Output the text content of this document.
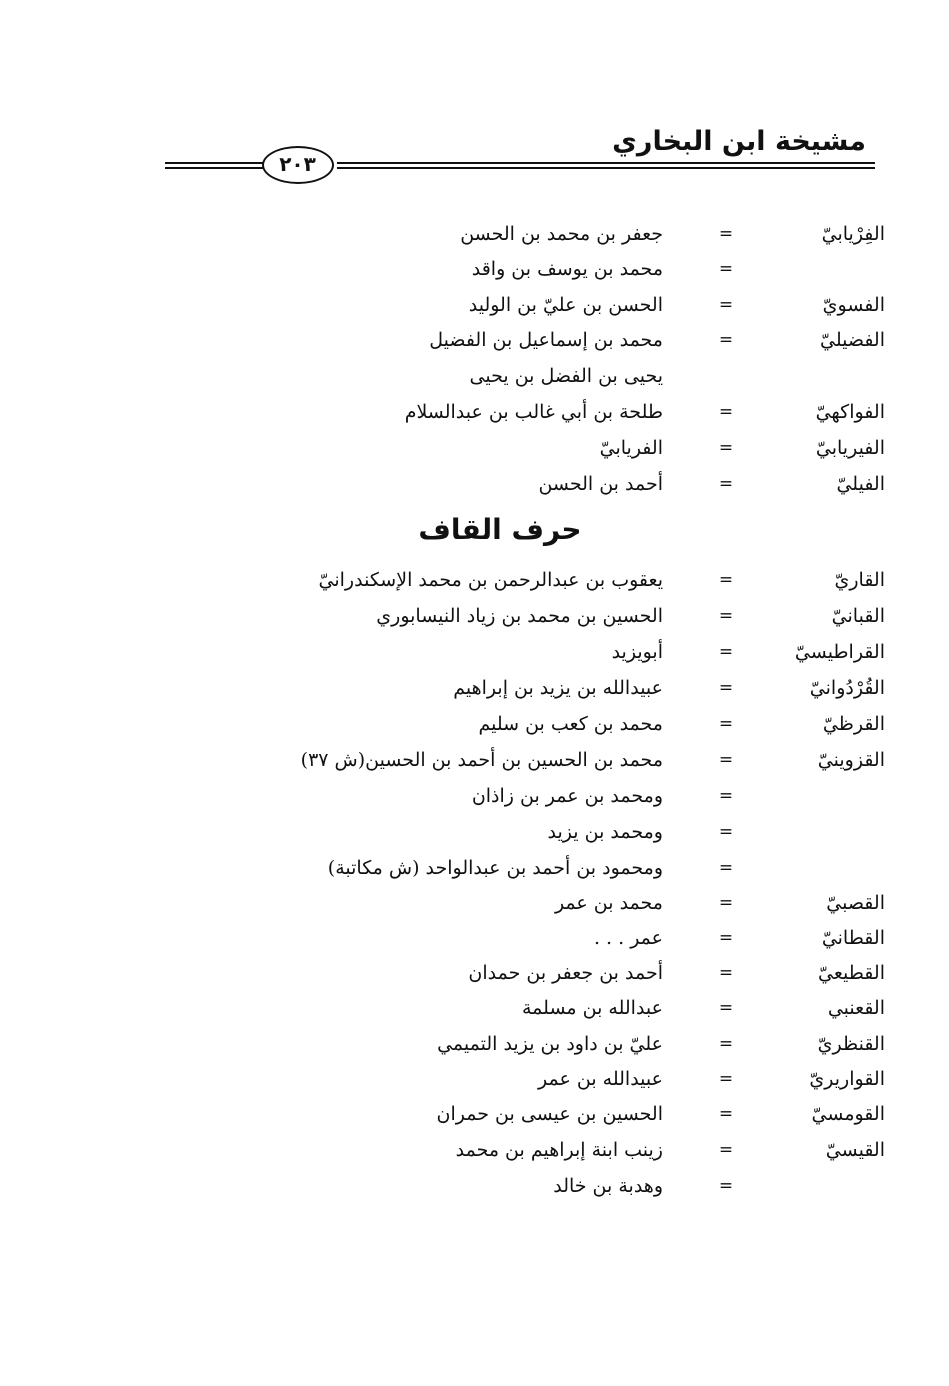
مشيخة ابن البخاري
٢٠٣
الفِرْيابيّ
=
جعفر بن محمد بن الحسن
=
محمد بن يوسف بن واقد
الفسويّ
=
الحسن بن عليّ بن الوليد
الفضيليّ
=
محمد بن إسماعيل بن الفضيل
يحيى بن الفضل بن يحيى
الفواكهيّ
=
طلحة بن أبي غالب بن عبدالسلام
الفيريابيّ
=
الفريابيّ
الفيليّ
=
أحمد بن الحسن
حرف القاف
القاريّ
=
يعقوب بن عبدالرحمن بن محمد الإسكندرانيّ
القبانيّ
=
الحسين بن محمد بن زياد النيسابوري
القراطيسيّ
=
أبويزيد
القُرْدُوانيّ
=
عبيدالله بن يزيد بن إبراهيم
القرظيّ
=
محمد بن كعب بن سليم
القزوينيّ
=
محمد بن الحسين بن أحمد بن الحسين(ش ٣٧)
=
ومحمد بن عمر بن زاذان
=
ومحمد بن يزيد
=
ومحمود بن أحمد بن عبدالواحد (ش مكاتبة)
القصبيّ
=
محمد بن عمر
القطانيّ
=
عمر . . .
القطيعيّ
=
أحمد بن جعفر بن حمدان
القعنبي
=
عبدالله بن مسلمة
القنظريّ
=
عليّ بن داود بن يزيد التميمي
القواريريّ
=
عبيدالله بن عمر
القومسيّ
=
الحسين بن عيسى بن حمران
القيسيّ
=
زينب ابنة إبراهيم بن محمد
=
وهدبة بن خالد
